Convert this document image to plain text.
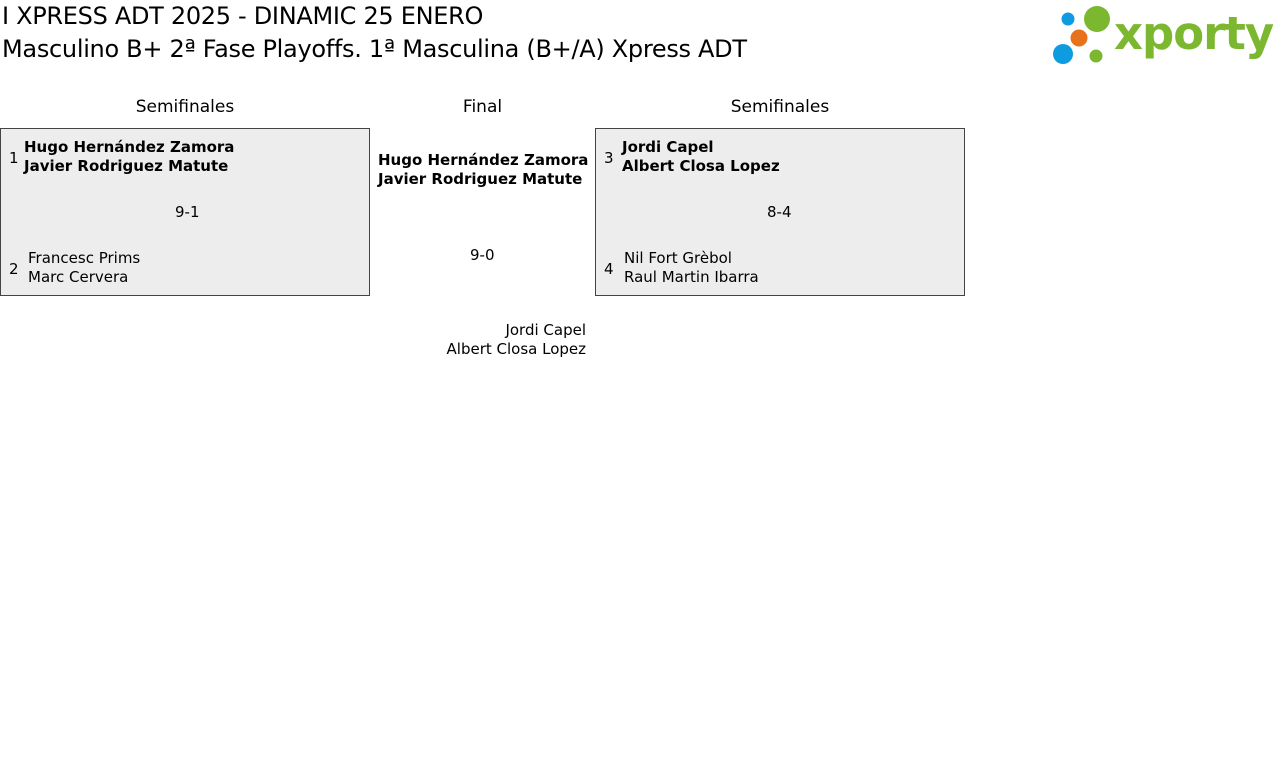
I XPRESS ADT 2025 - DINAMIC 25 ENERO
Masculino B+ 2ª Fase Playoffs. 1ª Masculina (B+/A) Xpress ADT	xporty
Semifinales	Final	Semifinales
1
Hugo Hernández Zamora
Javier Rodriguez Matute
9-1
2
Francesc Prims
Marc Cervera
Hugo Hernández Zamora
Javier Rodriguez Matute
9-0
Jordi Capel
Albert Closa Lopez
3
Jordi Capel
Albert Closa Lopez
8-4
4
Nil Fort Grèbol
Raul Martin Ibarra
